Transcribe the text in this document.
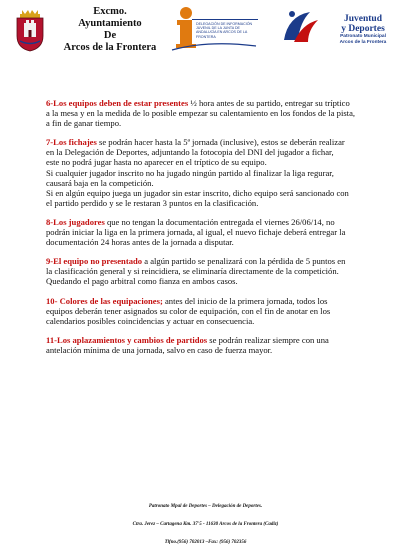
Excmo.
Ayuntamiento
De
Arcos de la Frontera
DELEGACIÓN DE INFORMACIÓN
JUVENIL DE LA JUNTA DE
ANDALUCÍA EN ARCOS DE LA FRONTERA
Juventud
y Deportes
Patronato Municipal
Arcos de la Frontera
6-Los equipos deben de estar presentes ½ hora antes de su partido, entregar su tríptico
a la mesa y en la medida de lo posible empezar su calentamiento en los fondos de la pista,
a fin de ganar tiempo.
7-Los fichajes se podrán hacer hasta la 5ª jornada (inclusive), estos se deberán realizar
en la Delegación de Deportes, adjuntando la fotocopia del DNI del jugador a fichar,
este no podrá jugar hasta no aparecer en el tríptico de su equipo.
Si cualquier jugador inscrito no ha jugado ningún partido al finalizar la liga regurar,
causará baja en la competición.
Si en algún equipo juega un jugador sin estar inscrito, dicho equipo será sancionado con
el partido perdido y se le restaran 3 puntos en la clasificación.
8-Los jugadores que no tengan la documentación entregada el viernes 26/06/14, no
podrán iniciar la liga en la primera jornada, al igual, el nuevo fichaje deberá entregar la
documentación 24 horas antes de la jornada a disputar.
9-El equipo no presentado a algún partido se penalizará con la pérdida de 5 puntos en
la clasificación general y si reincidiera, se eliminaría directamente de la competición.
Quedando el pago arbitral como fianza en ambos casos.
10- Colores de las equipaciones; antes del inicio de la primera jornada, todos los
equipos deberán tener asignados su color de equipación, con el fin de anotar en los
calendarios posibles coincidencias y actuar en consecuencia.
11-Los aplazamientos y cambios de partidos se podrán realizar siempre con una
antelación mínima de una jornada, salvo en caso de fuerza mayor.
Patronato Mpal de Deportes – Delegación de Deportes.
Ctra. Jerez – Cartagena Km. 37'5 - 11630 Arcos de la Frontera (Cadiz)
Tlfno.(956) 702013 –Fax: (956) 702356
